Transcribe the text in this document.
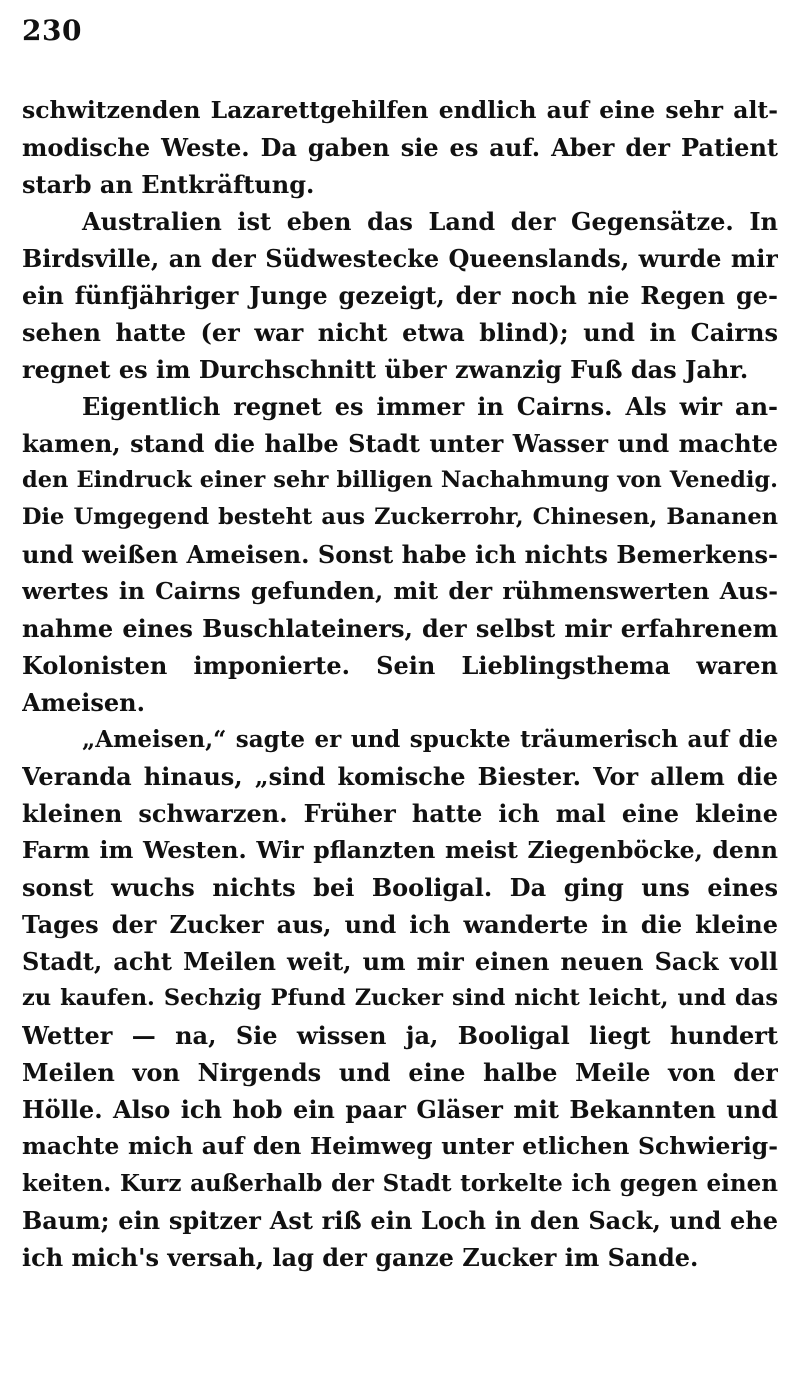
230
schwitzenden Lazarettgehilfen endlich auf eine sehr alt-
modische Weste. Da gaben sie es auf. Aber der Patient
starb an Entkräftung.
Australien ist eben das Land der Gegensätze. In
Birdsville, an der Südwestecke Queenslands, wurde mir
ein fünfjähriger Junge gezeigt, der noch nie Regen ge-
sehen hatte (er war nicht etwa blind); und in Cairns
regnet es im Durchschnitt über zwanzig Fuß das Jahr.
Eigentlich regnet es immer in Cairns. Als wir an-
kamen, stand die halbe Stadt unter Wasser und machte
den Eindruck einer sehr billigen Nachahmung von Venedig.
Die Umgegend besteht aus Zuckerrohr, Chinesen, Bananen
und weißen Ameisen. Sonst habe ich nichts Bemerkens-
wertes in Cairns gefunden, mit der rühmenswerten Aus-
nahme eines Buschlateiners, der selbst mir erfahrenem
Kolonisten imponierte. Sein Lieblingsthema waren
Ameisen.
„Ameisen,“ sagte er und spuckte träumerisch auf die
Veranda hinaus, „sind komische Biester. Vor allem die
kleinen schwarzen. Früher hatte ich mal eine kleine
Farm im Westen. Wir pflanzten meist Ziegenböcke, denn
sonst wuchs nichts bei Booligal. Da ging uns eines
Tages der Zucker aus, und ich wanderte in die kleine
Stadt, acht Meilen weit, um mir einen neuen Sack voll
zu kaufen. Sechzig Pfund Zucker sind nicht leicht, und das
Wetter — na, Sie wissen ja, Booligal liegt hundert
Meilen von Nirgends und eine halbe Meile von der
Hölle. Also ich hob ein paar Gläser mit Bekannten und
machte mich auf den Heimweg unter etlichen Schwierig-
keiten. Kurz außerhalb der Stadt torkelte ich gegen einen
Baum; ein spitzer Ast riß ein Loch in den Sack, und ehe
ich mich's versah, lag der ganze Zucker im Sande.
